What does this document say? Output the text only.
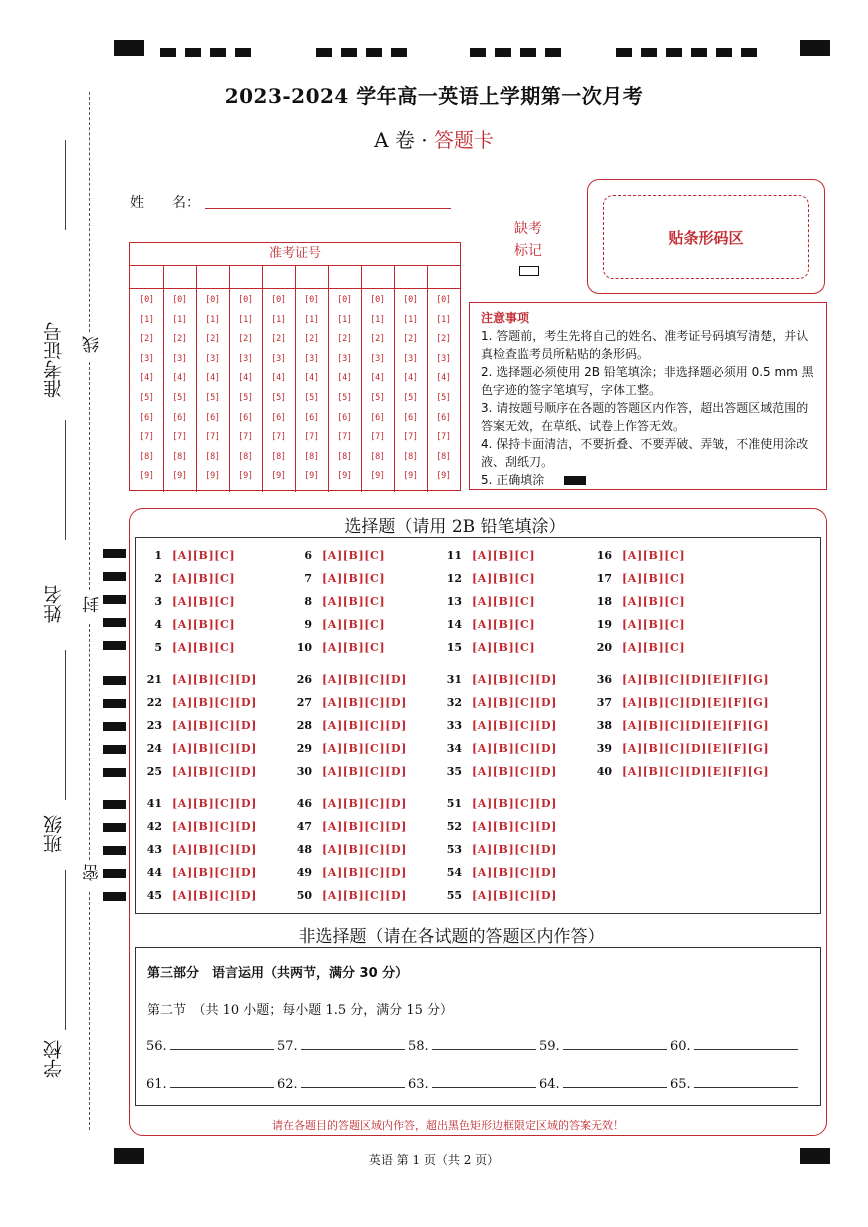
准考证号
姓名
班级
学校
线
封
密
2023-2024 学年高一英语上学期第一次月考
A 卷 · 答题卡
姓　　名：
缺考
标记
贴条形码区
准考证号
[0]	[0]	[0]	[0]	[0]	[0]	[0]	[0]	[0]	[0]
[1]	[1]	[1]	[1]	[1]	[1]	[1]	[1]	[1]	[1]
[2]	[2]	[2]	[2]	[2]	[2]	[2]	[2]	[2]	[2]
[3]	[3]	[3]	[3]	[3]	[3]	[3]	[3]	[3]	[3]
[4]	[4]	[4]	[4]	[4]	[4]	[4]	[4]	[4]	[4]
[5]	[5]	[5]	[5]	[5]	[5]	[5]	[5]	[5]	[5]
[6]	[6]	[6]	[6]	[6]	[6]	[6]	[6]	[6]	[6]
[7]	[7]	[7]	[7]	[7]	[7]	[7]	[7]	[7]	[7]
[8]	[8]	[8]	[8]	[8]	[8]	[8]	[8]	[8]	[8]
[9]	[9]	[9]	[9]	[9]	[9]	[9]	[9]	[9]	[9]
注意事项

1. 答题前，考生先将自己的姓名、准考证号码填写清楚，并认真检查监考员所粘贴的条形码。

2. 选择题必须使用 2B 铅笔填涂；非选择题必须用 0.5 mm 黑色字迹的签字笔填写，字体工整。

3. 请按题号顺序在各题的答题区内作答，超出答题区域范围的答案无效，在草纸、试卷上作答无效。

4. 保持卡面清洁，不要折叠、不要弄破、弄皱，不准使用涂改液、刮纸刀。

5. 正确填涂

选择题（请用 2B 铅笔填涂）
1 [A][B][C]
2 [A][B][C]
3 [A][B][C]
4 [A][B][C]
5 [A][B][C]
6 [A][B][C]
7 [A][B][C]
8 [A][B][C]
9 [A][B][C]
10 [A][B][C]
11 [A][B][C]
12 [A][B][C]
13 [A][B][C]
14 [A][B][C]
15 [A][B][C]
16 [A][B][C]
17 [A][B][C]
18 [A][B][C]
19 [A][B][C]
20 [A][B][C]
21 [A][B][C][D]
22 [A][B][C][D]
23 [A][B][C][D]
24 [A][B][C][D]
25 [A][B][C][D]
26 [A][B][C][D]
27 [A][B][C][D]
28 [A][B][C][D]
29 [A][B][C][D]
30 [A][B][C][D]
31 [A][B][C][D]
32 [A][B][C][D]
33 [A][B][C][D]
34 [A][B][C][D]
35 [A][B][C][D]
36 [A][B][C][D][E][F][G]
37 [A][B][C][D][E][F][G]
38 [A][B][C][D][E][F][G]
39 [A][B][C][D][E][F][G]
40 [A][B][C][D][E][F][G]
41 [A][B][C][D]
42 [A][B][C][D]
43 [A][B][C][D]
44 [A][B][C][D]
45 [A][B][C][D]
46 [A][B][C][D]
47 [A][B][C][D]
48 [A][B][C][D]
49 [A][B][C][D]
50 [A][B][C][D]
51 [A][B][C][D]
52 [A][B][C][D]
53 [A][B][C][D]
54 [A][B][C][D]
55 [A][B][C][D]
非选择题（请在各试题的答题区内作答）
第三部分　语言运用（共两节，满分 30 分）
第二节　（共 10 小题；每小题 1.5 分，满分 15 分）
56.	57.	58.	59.	60.
61.	62.	63.	64.	65.
请在各题目的答题区域内作答，超出黑色矩形边框限定区域的答案无效！
英语 第 1 页（共 2 页）
